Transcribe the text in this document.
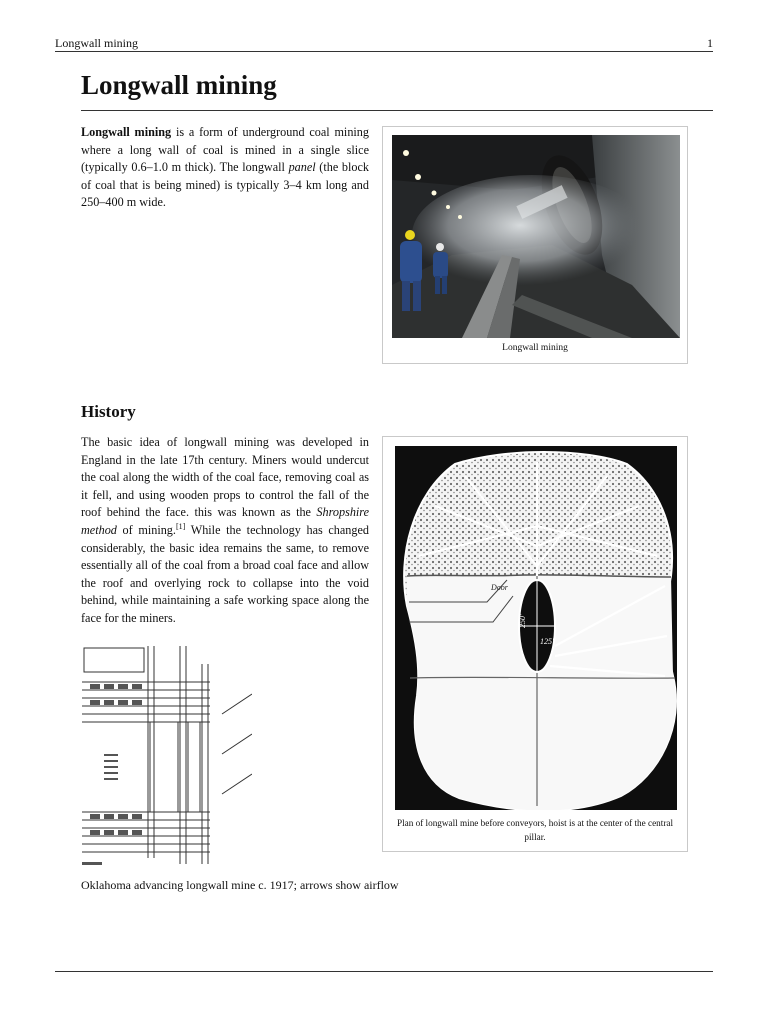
Longwall mining	1
Longwall mining

Longwall mining is a form of underground coal mining where a long wall of coal is mined in a single slice (typically 0.6–1.0 m thick). The longwall panel (the block of coal that is being mined) is typically 3–4 km long and 250–400 m wide.

Longwall mining
History

The basic idea of longwall mining was developed in England in the late 17th century. Miners would undercut the coal along the width of the coal face, removing coal as it fell, and using wooden props to control the fall of the roof behind the face. this was known as the Shropshire method of mining.[1] While the technology has changed considerably, the basic idea remains the same, to remove essentially all of the coal from a broad coal face and allow the roof and overlying rock to collapse into the void behind, while maintaining a safe working space along the face for the miners.

Door
250'
125'
Plan of longwall mine before conveyors, hoist is at the center of the central pillar.
Oklahoma advancing longwall mine c. 1917; arrows show airflow
